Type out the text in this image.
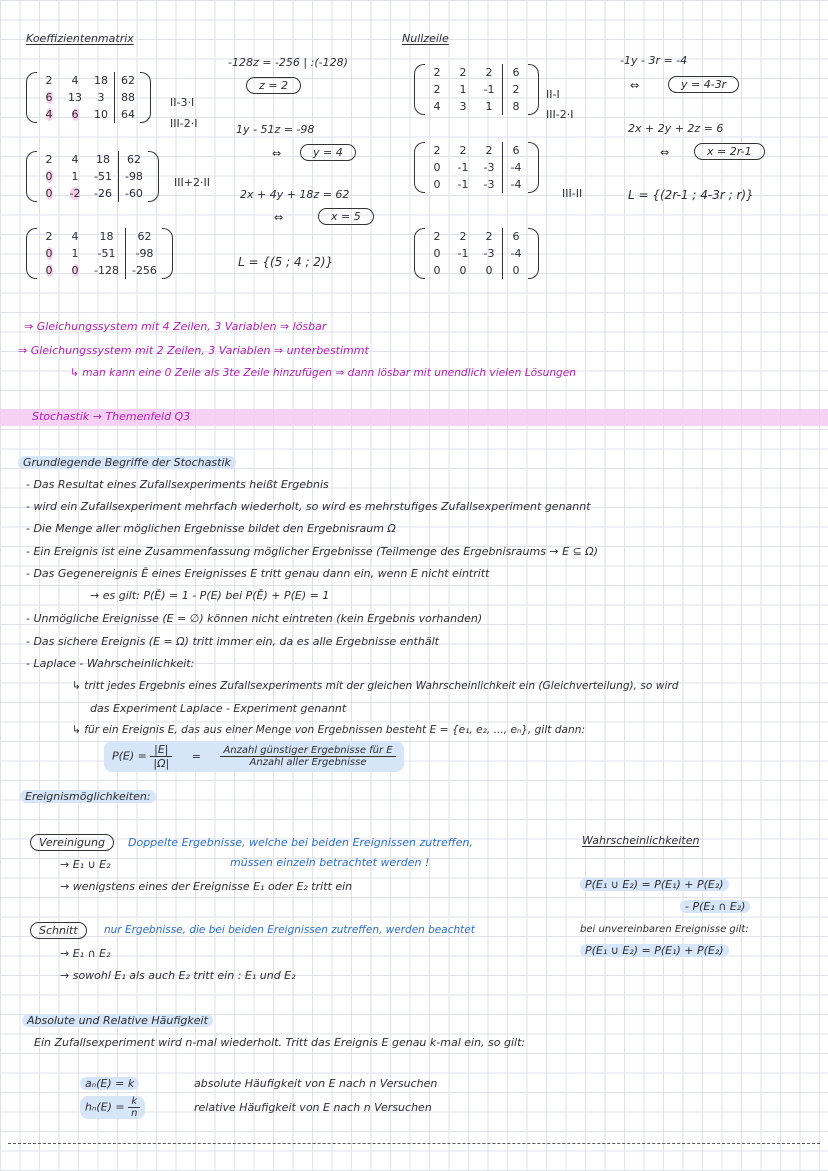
Koeffizientenmatrix
2	4	18	62
6	13	3	88
4	6	10	64
II-3·I
III-2·I
2	4	18	62
0	1	-51	-98
0	-2	-26	-60
III+2·II
2	4	18	62
0	1	-51	-98
0	0	-128	-256
-128z = -256 | :(-128)
z = 2
1y - 51z = -98
⇔	y = 4
2x + 4y + 18z = 62
⇔	x = 5
L = {(5 ; 4 ; 2)}
Nullzeile
2	2	2	6
2	1	-1	2
4	3	1	8
II-I
III-2·I
2	2	2	6
0	-1	-3	-4
0	-1	-3	-4
III-II
2	2	2	6
0	-1	-3	-4
0	0	0	0
-1y - 3r = -4
⇔	y = 4-3r
2x + 2y + 2z = 6
⇔	x = 2r-1
L = {(2r-1 ; 4-3r ; r)}
⇒ Gleichungssystem mit 4 Zeilen, 3 Variablen ⇒ lösbar
⇒ Gleichungssystem mit 2 Zeilen, 3 Variablen ⇒ unterbestimmt
↳ man kann eine 0 Zeile als 3te Zeile hinzufügen ⇒ dann lösbar mit unendlich vielen Lösungen
Stochastik → Themenfeld Q3
Grundlegende Begriffe der Stochastik
- Das Resultat eines Zufallsexperiments heißt Ergebnis
- wird ein Zufallsexperiment mehrfach wiederholt, so wird es mehrstufiges Zufallsexperiment genannt
- Die Menge aller möglichen Ergebnisse bildet den Ergebnisraum Ω
- Ein Ereignis ist eine Zusammenfassung möglicher Ergebnisse (Teilmenge des Ergebnisraums → E ⊆ Ω)
- Das Gegenereignis Ē eines Ereignisses E tritt genau dann ein, wenn E nicht eintritt
→ es gilt: P(Ē) = 1 - P(E) bei P(Ē) + P(E) = 1
- Unmögliche Ereignisse (E = ∅) können nicht eintreten (kein Ergebnis vorhanden)
- Das sichere Ereignis (E = Ω) tritt immer ein, da es alle Ergebnisse enthält
- Laplace - Wahrscheinlichkeit:
↳ tritt jedes Ergebnis eines Zufallsexperiments mit der gleichen Wahrscheinlichkeit ein (Gleichverteilung), so wird
das Experiment Laplace - Experiment genannt
↳ für ein Ereignis E, das aus einer Menge von Ergebnissen besteht E = {e₁, e₂, ..., eₙ}, gilt dann:
$P(E) = \frac{|E|}{|\Omega|} = \frac{\text{Anzahl günstiger Ergebnisse für E}}{\text{Anzahl aller Ergebnisse}}$
Ereignismöglichkeiten:
Vereinigung	Doppelte Ergebnisse, welche bei beiden Ereignissen zutreffen,
müssen einzeln betrachtet werden !
→ E₁ ∪ E₂
→ wenigstens eines der Ereignisse E₁ oder E₂ tritt ein
Schnitt	nur Ergebnisse, die bei beiden Ereignissen zutreffen, werden beachtet
→ E₁ ∩ E₂
→ sowohl E₁ als auch E₂ tritt ein : E₁ und E₂
Wahrscheinlichkeiten
P(E₁ ∪ E₂) = P(E₁) + P(E₂)
- P(E₁ ∩ E₂)
bei unvereinbaren Ereignisse gilt:
P(E₁ ∪ E₂) = P(E₁) + P(E₂)
Absolute und Relative Häufigkeit
Ein Zufallsexperiment wird n-mal wiederholt. Tritt das Ereignis E genau k-mal ein, so gilt:
aₙ(E) = k	absolute Häufigkeit von E nach n Versuchen
$h_n(E) = \frac{k}{n}$	relative Häufigkeit von E nach n Versuchen
